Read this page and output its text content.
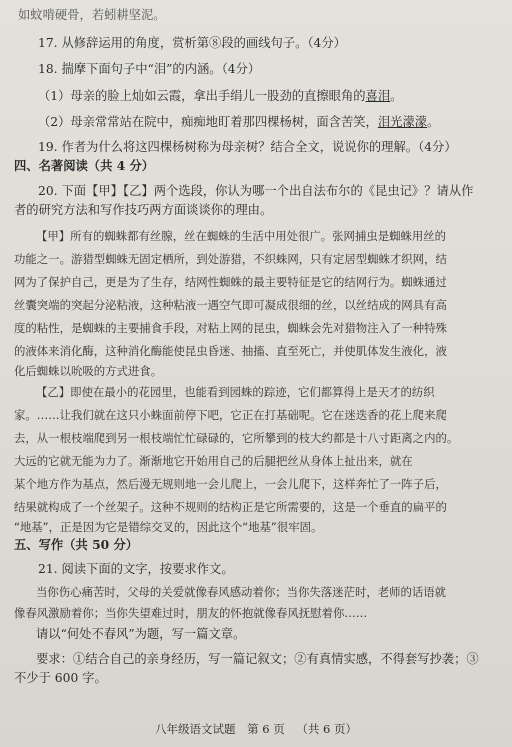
如蚊啃硬骨，若蚓耕坚泥。
17. 从修辞运用的角度，赏析第⑧段的画线句子。（4分）
18. 揣摩下面句子中“泪”的内涵。（4分）
（1）母亲的脸上灿如云霞，拿出手绢儿一股劲的直擦眼角的喜泪。
（2）母亲常常站在院中，痴痴地盯着那四棵杨树，面含苦笑，泪光濛濛。
19. 作者为什么将这四棵杨树称为母亲树？结合全文，说说你的理解。（4分）
四、名著阅读（共 4 分）
20. 下面【甲】【乙】两个选段，你认为哪一个出自法布尔的《昆虫记》？请从作
者的研究方法和写作技巧两方面谈谈你的理由。
【甲】所有的蜘蛛都有丝腺，丝在蜘蛛的生活中用处很广。张网捕虫是蜘蛛用丝的
功能之一。游猎型蜘蛛无固定栖所，到处游猎，不织蛛网，只有定居型蜘蛛才织网，结
网为了保护自己，更是为了生存，结网性蜘蛛的最主要特征是它的结网行为。蜘蛛通过
丝囊突端的突起分泌粘液，这种粘液一遇空气即可凝成很细的丝，以丝结成的网具有高
度的粘性，是蜘蛛的主要捕食手段，对粘上网的昆虫，蜘蛛会先对猎物注入了一种特殊
的液体来消化酶，这种消化酶能使昆虫昏迷、抽搐、直至死亡，并使肌体发生液化，液
化后蜘蛛以吮吸的方式进食。
【乙】即使在最小的花园里，也能看到园蛛的踪迹，它们都算得上是天才的纺织
家。……让我们就在这只小蛛面前停下吧，它正在打基础呢。它在迷迭香的花上爬来爬
去，从一根枝端爬到另一根枝端忙忙碌碌的，它所攀到的枝大约都是十八寸距离之内的。
大远的它就无能为力了。渐渐地它开始用自己的后腿把丝从身体上扯出来，就在
某个地方作为基点，然后漫无规则地一会儿爬上，一会儿爬下，这样奔忙了一阵子后，
结果就构成了一个丝架子。这种不规则的结构正是它所需要的，这是一个垂直的扁平的
“地基”，正是因为它是错综交叉的，因此这个“地基”很牢固。
五、写作（共 50 分）
21. 阅读下面的文字，按要求作文。
当你伤心痛苦时，父母的关爱就像春风感动着你；当你失落迷茫时，老师的话语就
像春风激励着你；当你失望难过时，朋友的怀抱就像春风抚慰着你……
请以“何处不春风”为题，写一篇文章。
要求：①结合自己的亲身经历，写一篇记叙文；②有真情实感，不得套写抄袭；③
不少于 600 字。
八年级语文试题 第 6 页 （共 6 页）
